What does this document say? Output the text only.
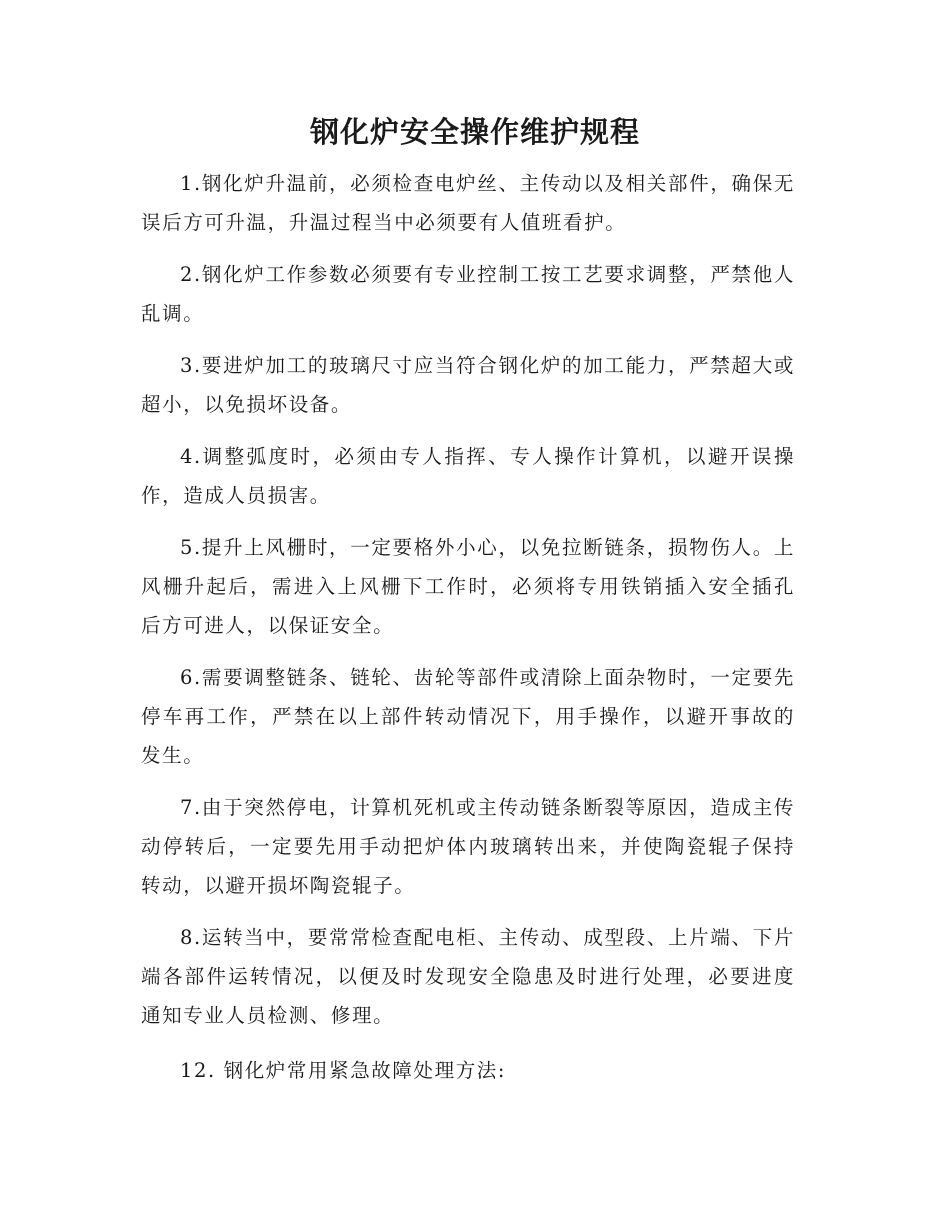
钢化炉安全操作维护规程

1.钢化炉升温前，必须检查电炉丝、主传动以及相关部件，确保无误后方可升温，升温过程当中必须要有人值班看护。

2.钢化炉工作参数必须要有专业控制工按工艺要求调整，严禁他人乱调。

3.要进炉加工的玻璃尺寸应当符合钢化炉的加工能力，严禁超大或超小，以免损坏设备。

4.调整弧度时，必须由专人指挥、专人操作计算机，以避开误操作，造成人员损害。

5.提升上风栅时，一定要格外小心，以免拉断链条，损物伤人。上风栅升起后，需进入上风栅下工作时，必须将专用铁销插入安全插孔后方可进人，以保证安全。

6.需要调整链条、链轮、齿轮等部件或清除上面杂物时，一定要先停车再工作，严禁在以上部件转动情况下，用手操作，以避开事故的发生。

7.由于突然停电，计算机死机或主传动链条断裂等原因，造成主传动停转后，一定要先用手动把炉体内玻璃转出来，并使陶瓷辊子保持转动，以避开损坏陶瓷辊子。

8.运转当中，要常常检查配电柜、主传动、成型段、上片端、下片端各部件运转情况，以便及时发现安全隐患及时进行处理，必要进度通知专业人员检测、修理。

12. 钢化炉常用紧急故障处理方法:
